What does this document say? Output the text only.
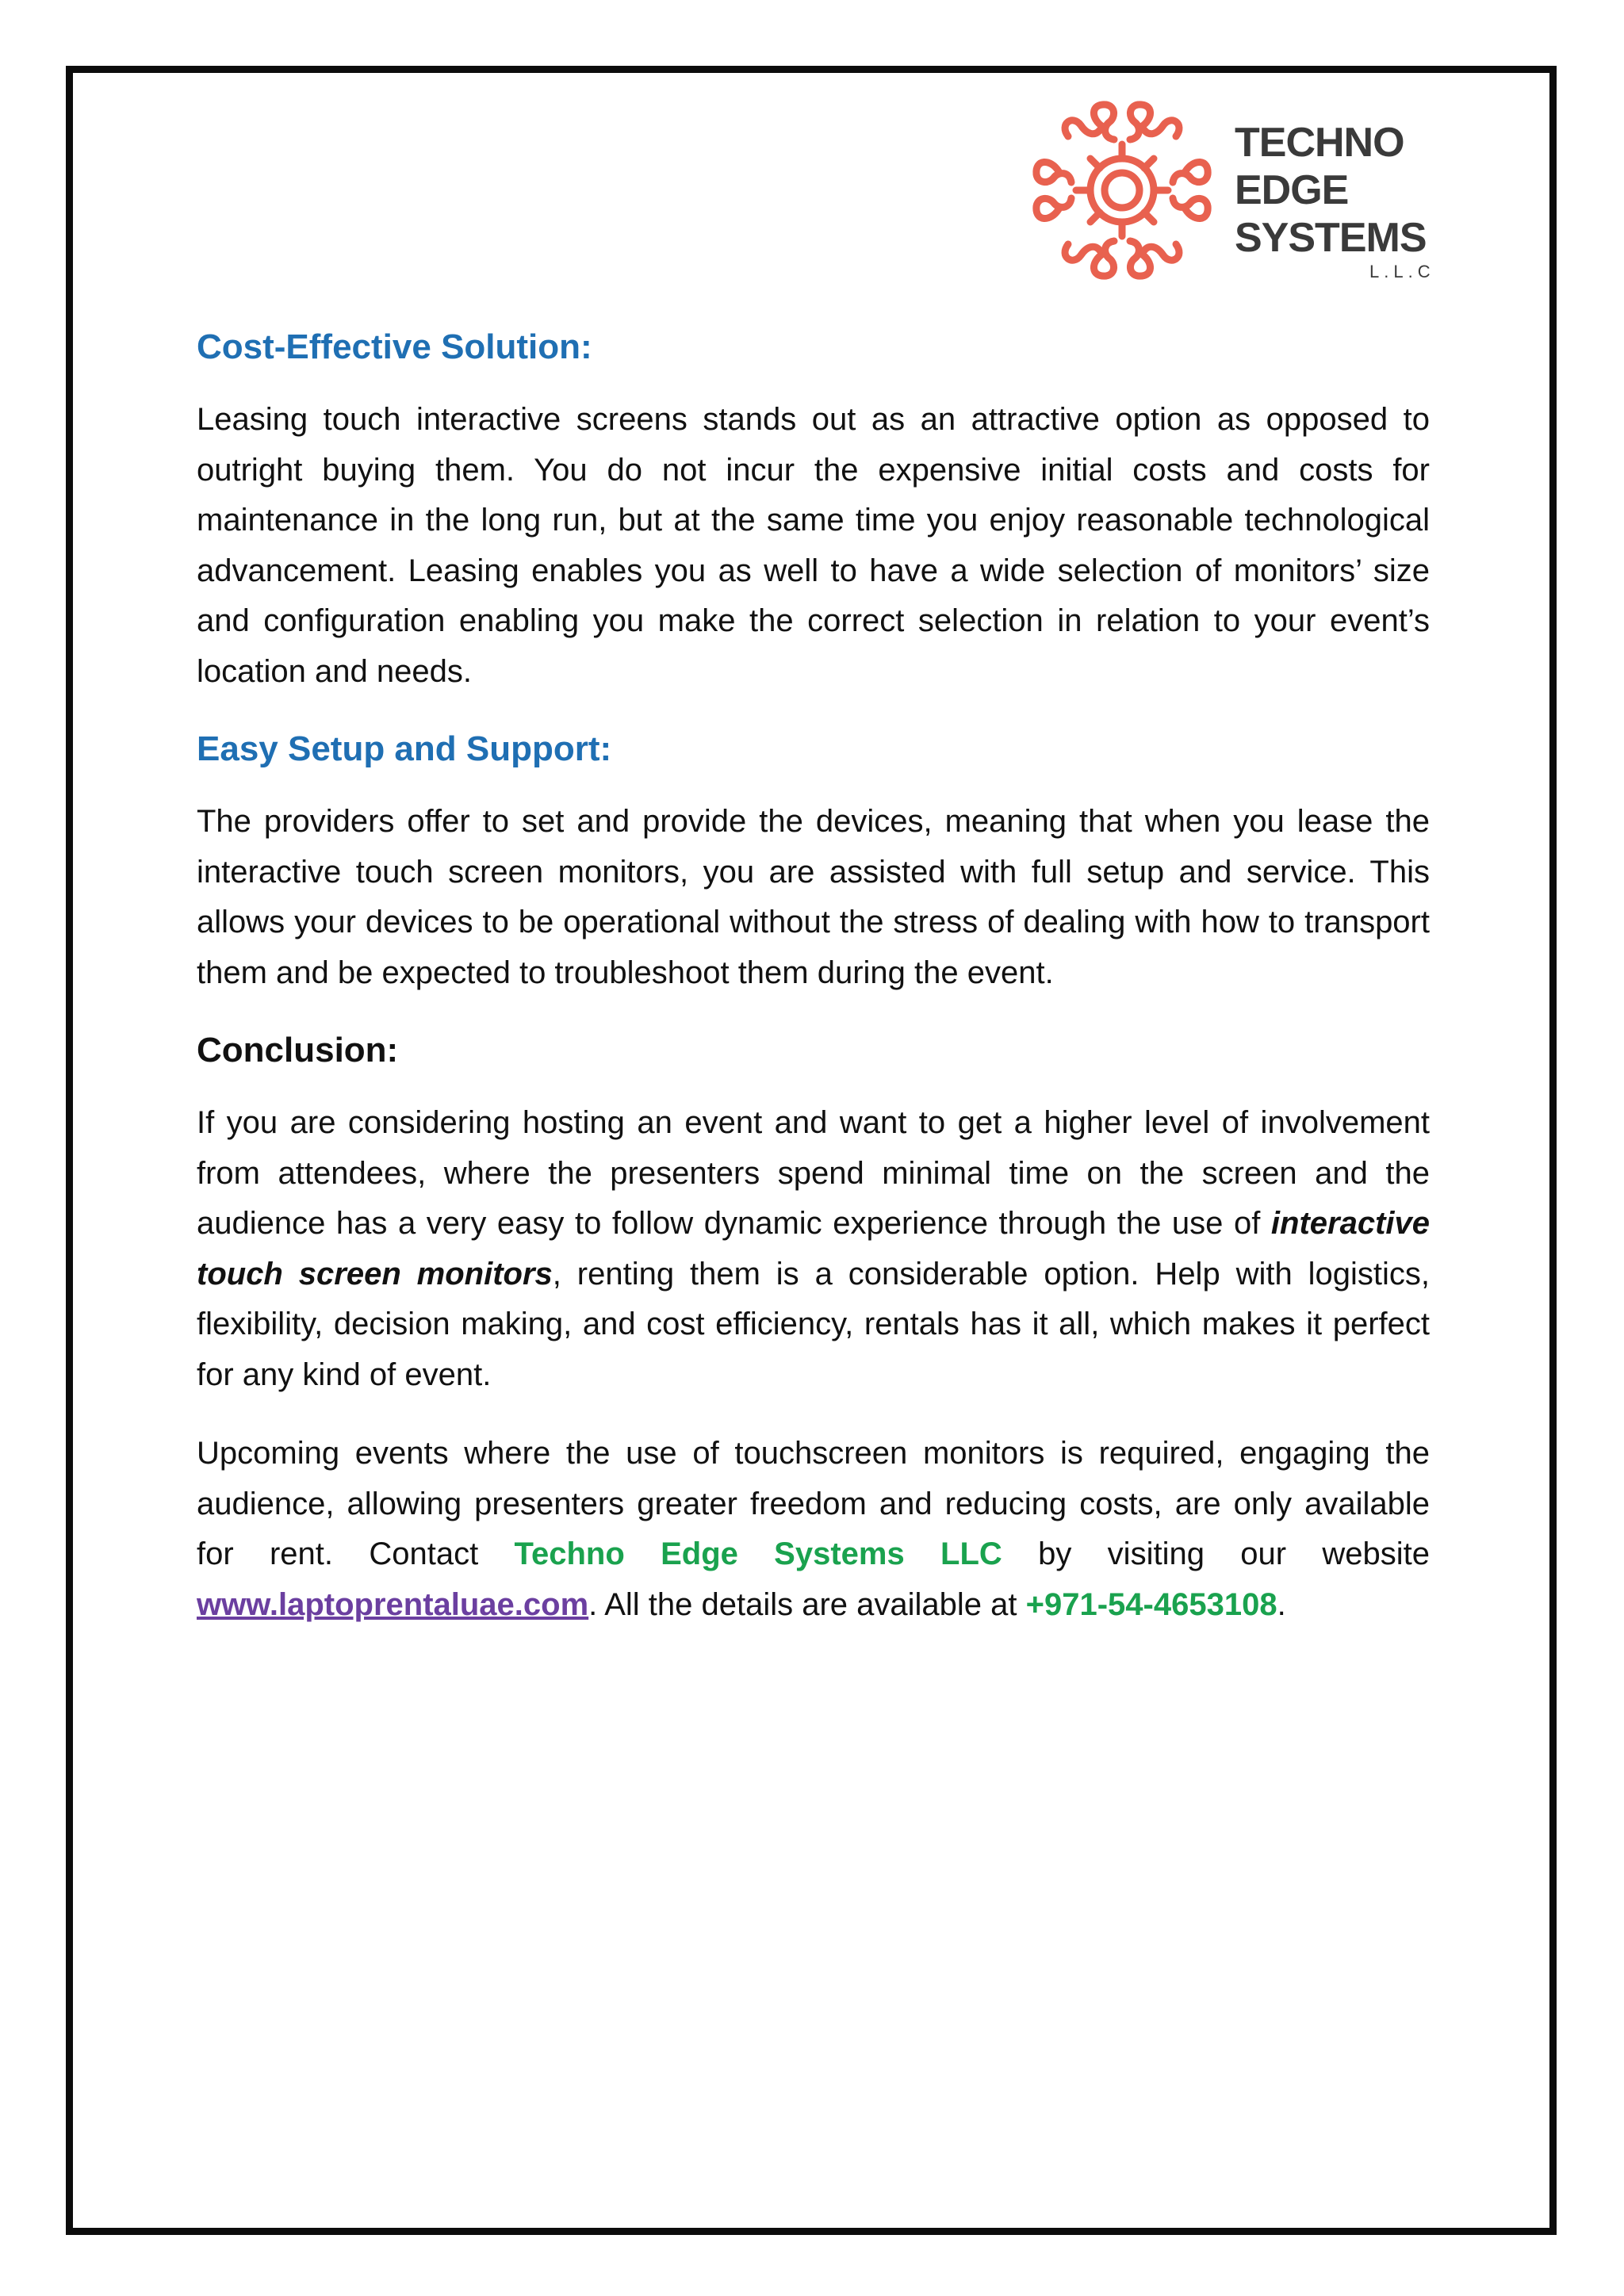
TECHNO
EDGE
SYSTEMS
L.L.C
Cost-Effective Solution:

Leasing touch interactive screens stands out as an attractive option as opposed to outright buying them. You do not incur the expensive initial costs and costs for maintenance in the long run, but at the same time you enjoy reasonable technological advancement. Leasing enables you as well to have a wide selection of monitors’ size and configuration enabling you make the correct selection in relation to your event’s location and needs.

Easy Setup and Support:

The providers offer to set and provide the devices, meaning that when you lease the interactive touch screen monitors, you are assisted with full setup and service. This allows your devices to be operational without the stress of dealing with how to transport them and be expected to troubleshoot them during the event.

Conclusion:

If you are considering hosting an event and want to get a higher level of involvement from attendees, where the presenters spend minimal time on the screen and the audience has a very easy to follow dynamic experience through the use of interactive touch screen monitors, renting them is a considerable option. Help with logistics, flexibility, decision making, and cost efficiency, rentals has it all, which makes it perfect for any kind of event.

Upcoming events where the use of touchscreen monitors is required, engaging the audience, allowing presenters greater freedom and reducing costs, are only available for rent. Contact Techno Edge Systems LLC by visiting our website www.laptoprentaluae.com. All the details are available at +971-54-4653108.
